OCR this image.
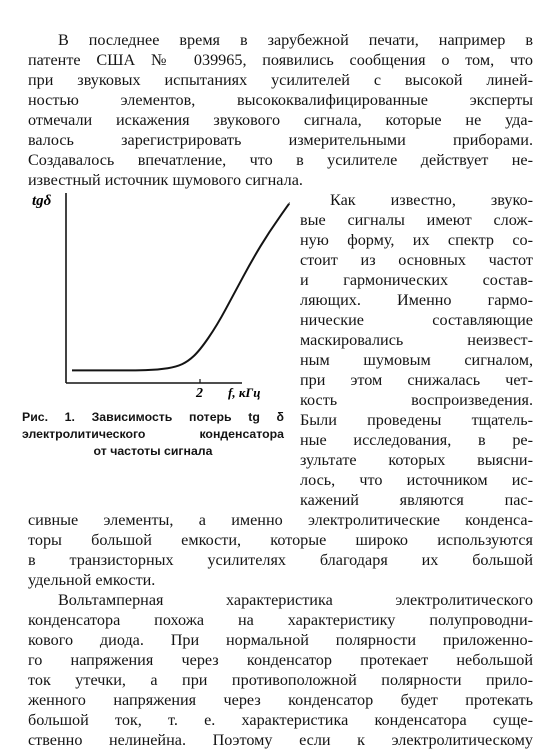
В последнее время в зарубежной печати, например в
патенте США № 039965, появились сообщения о том, что
при звуковых испытаниях усилителей с высокой линей-
ностью элементов, высококвалифицированные эксперты
отмечали искажения звукового сигнала, которые не уда-
валось зарегистрировать измерительными приборами.
Создавалось впечатление, что в усилителе действует не-
известный источник шумового сигнала.
tgδ
2 f, кГц
Рис. 1. Зависимость потерь tg δ
электролитического конденсатора
от частоты сигнала
Как известно, звуко-
вые сигналы имеют слож-
ную форму, их спектр со-
стоит из основных частот
и гармонических состав-
ляющих. Именно гармо-
нические составляющие
маскировались неизвест-
ным шумовым сигналом,
при этом снижалась чет-
кость воспроизведения.
Были проведены тщатель-
ные исследования, в ре-
зультате которых выясни-
лось, что источником ис-
кажений являются пас-
сивные элементы, а именно электролитические конденса-
торы большой емкости, которые широко используются
в транзисторных усилителях благодаря их большой
удельной емкости.
Вольтамперная характеристика электролитического
конденсатора похожа на характеристику полупроводни-
кового диода. При нормальной полярности приложенно-
го напряжения через конденсатор протекает небольшой
ток утечки, а при противоположной полярности прило-
женного напряжения через конденсатор будет протекать
большой ток, т. е. характеристика конденсатора суще-
ственно нелинейна. Поэтому если к электролитическому
